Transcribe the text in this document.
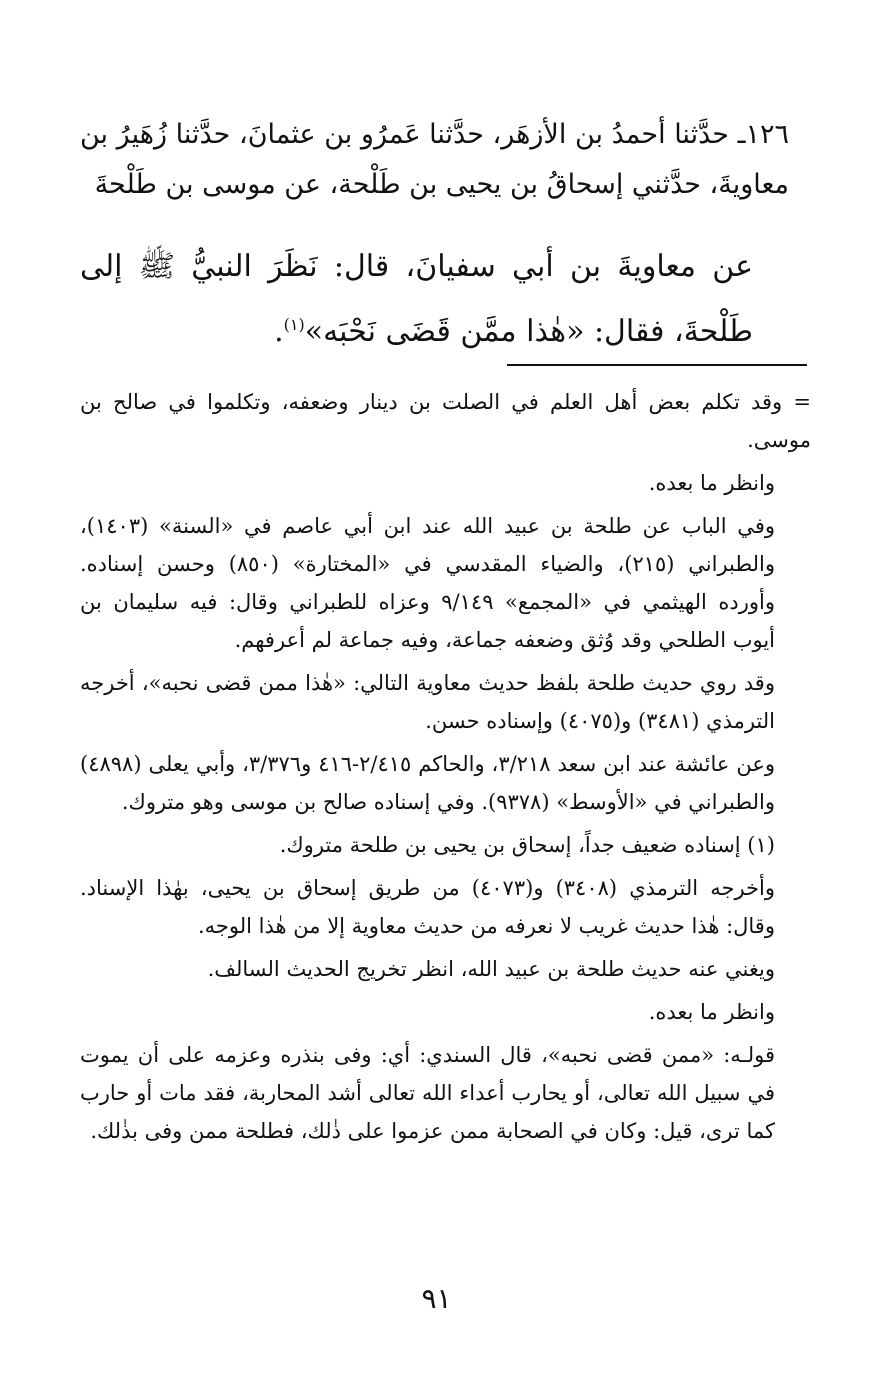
١٢٦ـ حدَّثنا أحمدُ بن الأزهَر، حدَّثنا عَمرُو بن عثمانَ، حدَّثنا زُهَيرُ بن معاويةَ، حدَّثني إسحاقُ بن يحيى بن طَلْحة، عن موسى بن طَلْحةَ
عن معاويةَ بن أبي سفيانَ، قال: نَظَرَ النبيُّ ﷺ إلى طَلْحةَ، فقال: «هٰذا ممَّن قَضَى نَحْبَه»$^{(١)}$.

= وقد تكلم بعض أهل العلم في الصلت بن دينار وضعفه، وتكلموا في صالح بن موسى.

وانظر ما بعده.

وفي الباب عن طلحة بن عبيد الله عند ابن أبي عاصم في «السنة» (١٤٠٣)، والطبراني (٢١٥)، والضياء المقدسي في «المختارة» (٨٥٠) وحسن إسناده. وأورده الهيثمي في «المجمع» ٩/١٤٩ وعزاه للطبراني وقال: فيه سليمان بن أيوب الطلحي وقد وُثق وضعفه جماعة، وفيه جماعة لم أعرفهم.

وقد روي حديث طلحة بلفظ حديث معاوية التالي: «هٰذا ممن قضى نحبه»، أخرجه الترمذي (٣٤٨١) و(٤٠٧٥) وإسناده حسن.

وعن عائشة عند ابن سعد ٣/٢١٨، والحاكم ٢/٤١٥-٤١٦ و٣/٣٧٦، وأبي يعلى (٤٨٩٨) والطبراني في «الأوسط» (٩٣٧٨). وفي إسناده صالح بن موسى وهو متروك.

(١) إسناده ضعيف جداً، إسحاق بن يحيى بن طلحة متروك.

وأخرجه الترمذي (٣٤٠٨) و(٤٠٧٣) من طريق إسحاق بن يحيى، بهٰذا الإسناد. وقال: هٰذا حديث غريب لا نعرفه من حديث معاوية إلا من هٰذا الوجه.

ويغني عنه حديث طلحة بن عبيد الله، انظر تخريج الحديث السالف.

وانظر ما بعده.

قولـه: «ممن قضى نحبه»، قال السندي: أي: وفى بنذره وعزمه على أن يموت في سبيل الله تعالى، أو يحارب أعداء الله تعالى أشد المحاربة، فقد مات أو حارب كما ترى، قيل: وكان في الصحابة ممن عزموا على ذٰلك، فطلحة ممن وفى بذٰلك.

٩١
